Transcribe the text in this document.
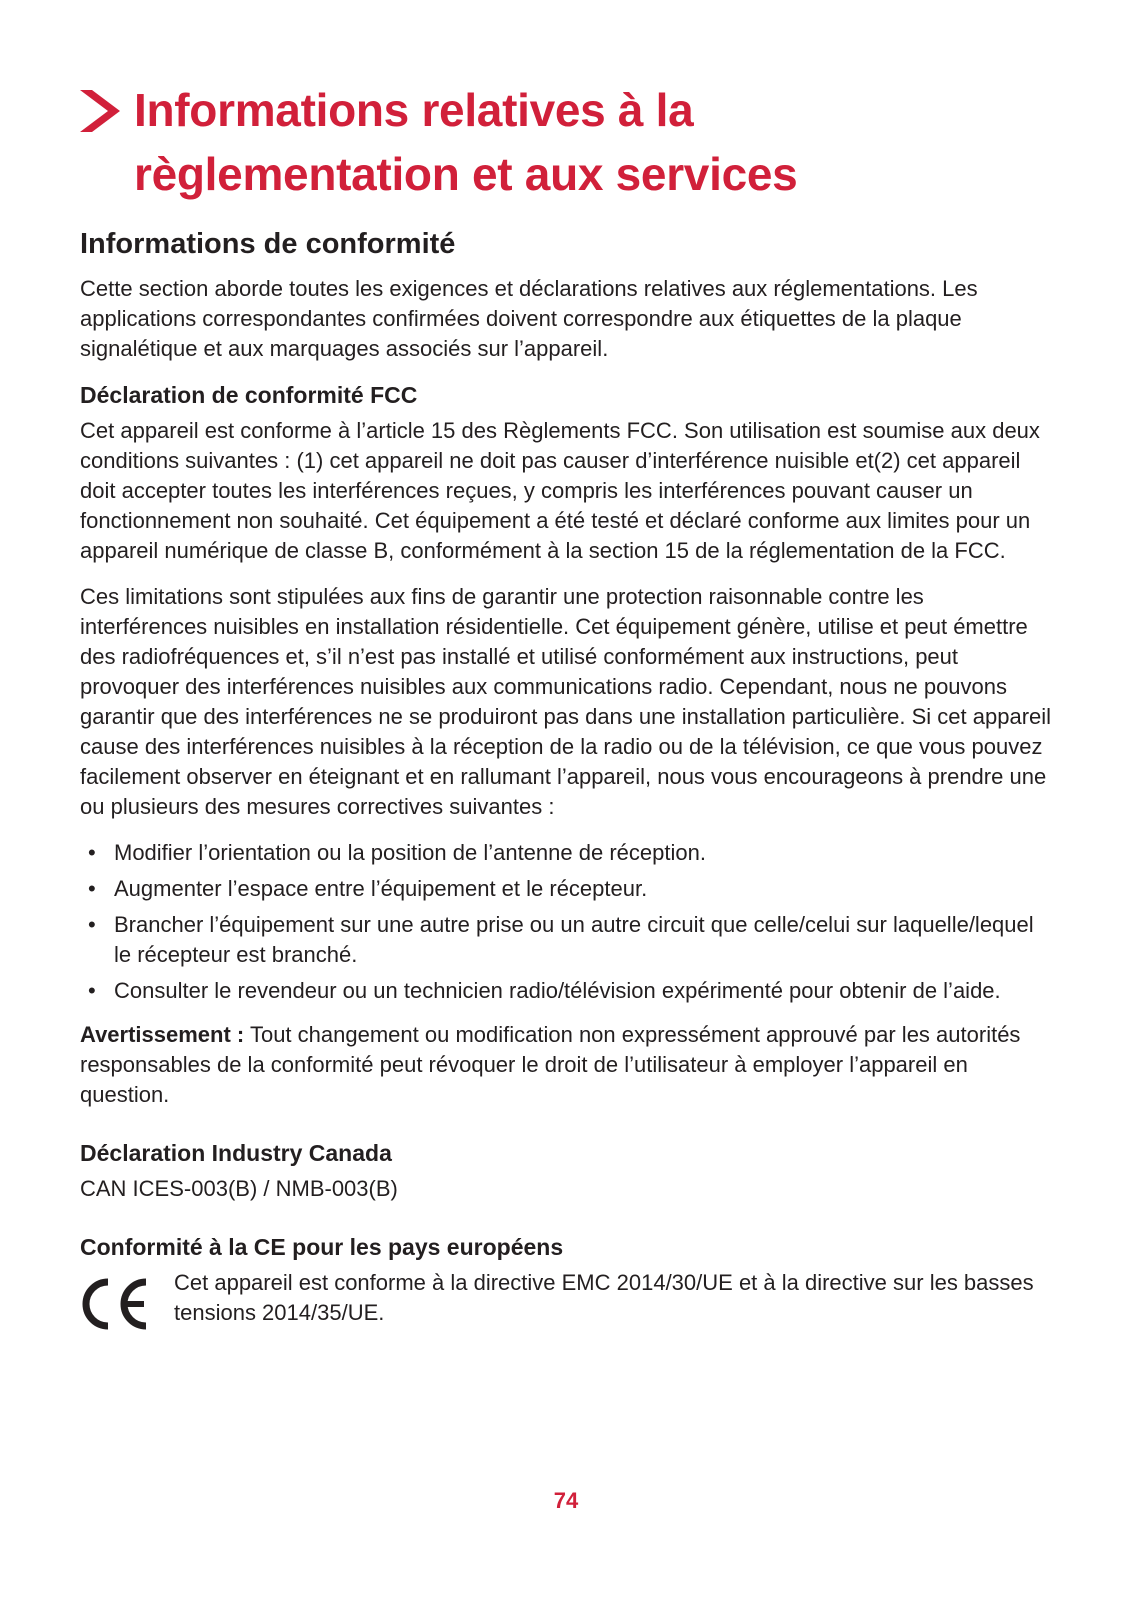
Informations relatives à la
règlementation et aux services
Informations de conformité

Cette section aborde toutes les exigences et déclarations relatives aux réglementations. Les applications correspondantes confirmées doivent correspondre aux étiquettes de la plaque signalétique et aux marquages associés sur l’appareil.

Déclaration de conformité FCC

Cet appareil est conforme à l’article 15 des Règlements FCC. Son utilisation est soumise aux deux conditions suivantes : (1) cet appareil ne doit pas causer d’interférence nuisible et(2) cet appareil doit accepter toutes les interférences reçues, y compris les interférences pouvant causer un fonctionnement non souhaité. Cet équipement a été testé et déclaré conforme aux limites pour un appareil numérique de classe B, conformément à la section 15 de la réglementation de la FCC.

Ces limitations sont stipulées aux fins de garantir une protection raisonnable contre les interférences nuisibles en installation résidentielle. Cet équipement génère, utilise et peut émettre des radiofréquences et, s’il n’est pas installé et utilisé conformément aux instructions, peut provoquer des interférences nuisibles aux communications radio. Cependant, nous ne pouvons garantir que des interférences ne se produiront pas dans une installation particulière. Si cet appareil cause des interférences nuisibles à la réception de la radio ou de la télévision, ce que vous pouvez facilement observer en éteignant et en rallumant l’appareil, nous vous encourageons à prendre une ou plusieurs des mesures correctives suivantes :

• Modifier l’orientation ou la position de l’antenne de réception.
• Augmenter l’espace entre l’équipement et le récepteur.
• Brancher l’équipement sur une autre prise ou un autre circuit que celle/celui sur laquelle/lequel le récepteur est branché.
• Consulter le revendeur ou un technicien radio/télévision expérimenté pour obtenir de l’aide.

Avertissement : Tout changement ou modification non expressément approuvé par les autorités responsables de la conformité peut révoquer le droit de l’utilisateur à employer l’appareil en question.

Déclaration Industry Canada

CAN ICES-003(B) / NMB-003(B)

Conformité à la CE pour les pays européens

Cet appareil est conforme à la directive EMC 2014/30/UE et à la directive sur les basses tensions 2014/35/UE.

74
